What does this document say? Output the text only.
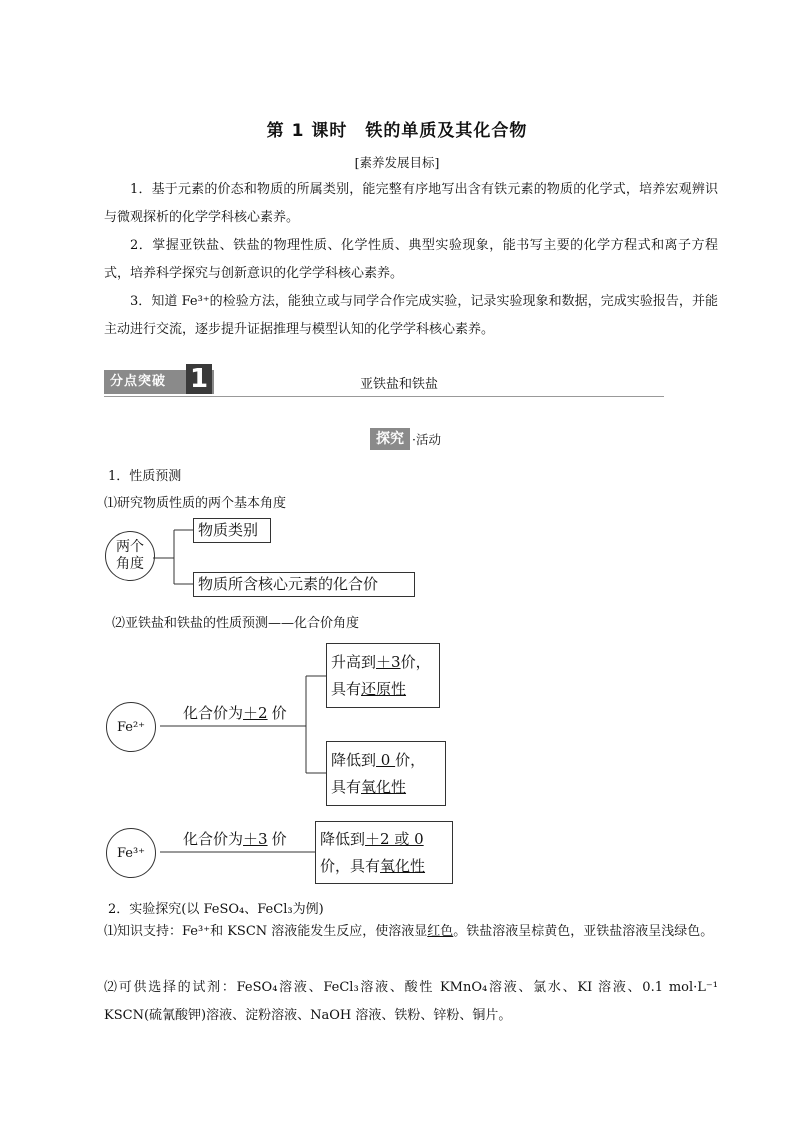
第 1 课时　铁的单质及其化合物
[素养发展目标]
1．基于元素的价态和物质的所属类别，能完整有序地写出含有铁元素的物质的化学式，培养宏观辨识与微观探析的化学学科核心素养。
2．掌握亚铁盐、铁盐的物理性质、化学性质、典型实验现象，能书写主要的化学方程式和离子方程式，培养科学探究与创新意识的化学学科核心素养。
3．知道 Fe³⁺的检验方法，能独立或与同学合作完成实验，记录实验现象和数据，完成实验报告，并能主动进行交流，逐步提升证据推理与模型认知的化学学科核心素养。
分点突破 1	亚铁盐和铁盐
探究 ·活动
1．性质预测
⑴研究物质性质的两个基本角度
两个角度
物质类别
物质所含核心元素的化合价
⑵亚铁盐和铁盐的性质预测——化合价角度
Fe²⁺
化合价为＋2 价
升高到＋3价，
具有还原性
降低到 0 价，
具有氧化性
Fe³⁺
化合价为＋3 价 降低到＋2 或 0
价，具有氧化性
2．实验探究(以 FeSO₄、FeCl₃为例)
⑴知识支持：Fe³⁺和 KSCN 溶液能发生反应，使溶液显红色。铁盐溶液呈棕黄色，亚铁盐溶液呈浅绿色。
⑵可供选择的试剂：FeSO₄溶液、FeCl₃溶液、酸性 KMnO₄溶液、氯水、KI 溶液、0.1 mol·L⁻¹ KSCN(硫氰酸钾)溶液、淀粉溶液、NaOH 溶液、铁粉、锌粉、铜片。
